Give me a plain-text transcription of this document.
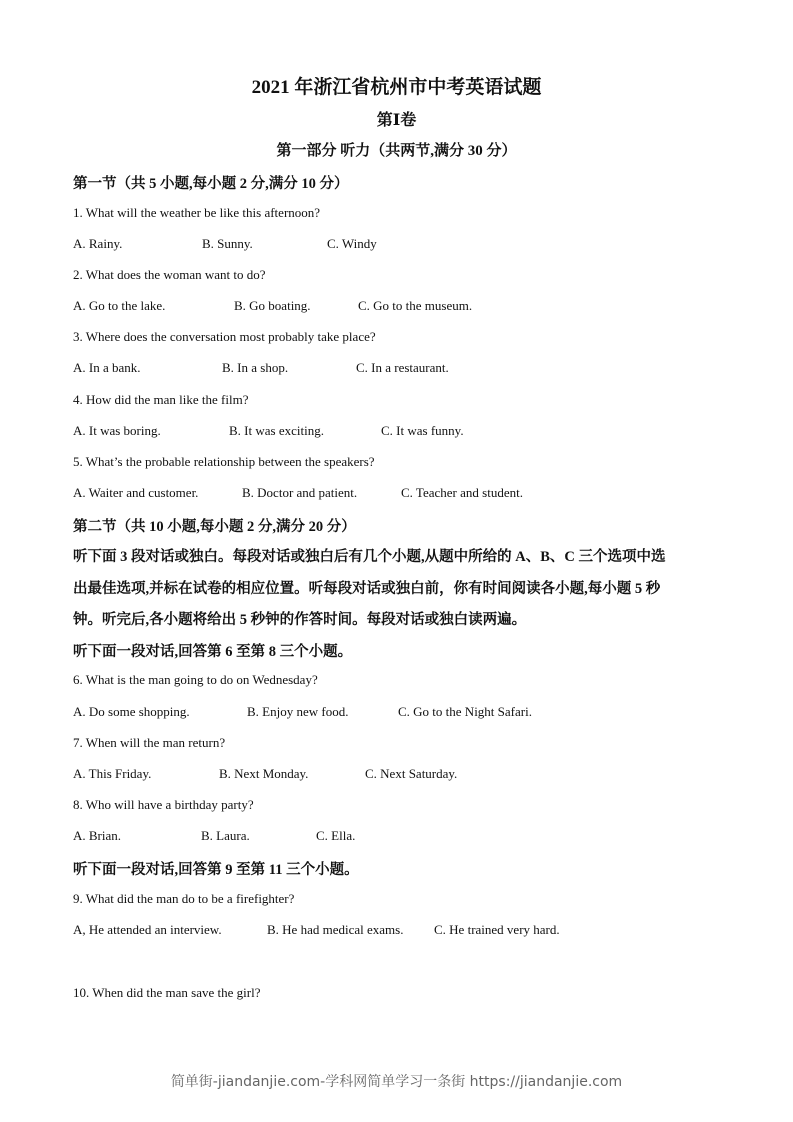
2021 年浙江省杭州市中考英语试题
第Ⅰ卷
第一部分 听力（共两节,满分 30 分）
第一节（共 5 小题,每小题 2 分,满分 10 分）
1. What will the weather be like this afternoon?
A. Rainy.	B. Sunny.	C. Windy
2. What does the woman want to do?
A. Go to the lake.	B. Go boating.	C. Go to the museum.
3. Where does the conversation most probably take place?
A. In a bank.	B. In a shop.	C. In a restaurant.
4. How did the man like the film?
A. It was boring.	B. It was exciting.	C. It was funny.
5. What’s the probable relationship between the speakers?
A. Waiter and customer.	B. Doctor and patient.	C. Teacher and student.
第二节（共 10 小题,每小题 2 分,满分 20 分）
听下面 3 段对话或独白。每段对话或独白后有几个小题,从题中所给的 A、B、C 三个选项中选
出最佳选项,并标在试卷的相应位置。听每段对话或独白前，你有时间阅读各小题,每小题 5 秒
钟。听完后,各小题将给出 5 秒钟的作答时间。每段对话或独白读两遍。
听下面一段对话,回答第 6 至第 8 三个小题。
6. What is the man going to do on Wednesday?
A. Do some shopping.	B. Enjoy new food.	C. Go to the Night Safari.
7. When will the man return?
A. This Friday.	B. Next Monday.	C. Next Saturday.
8. Who will have a birthday party?
A. Brian.	B. Laura.	C. Ella.
听下面一段对话,回答第 9 至第 11 三个小题。
9. What did the man do to be a firefighter?
A, He attended an interview.	B. He had medical exams. C. He trained very hard.
10. When did the man save the girl?
简单街-jiandanjie.com-学科网简单学习一条街 https://jiandanjie.com
